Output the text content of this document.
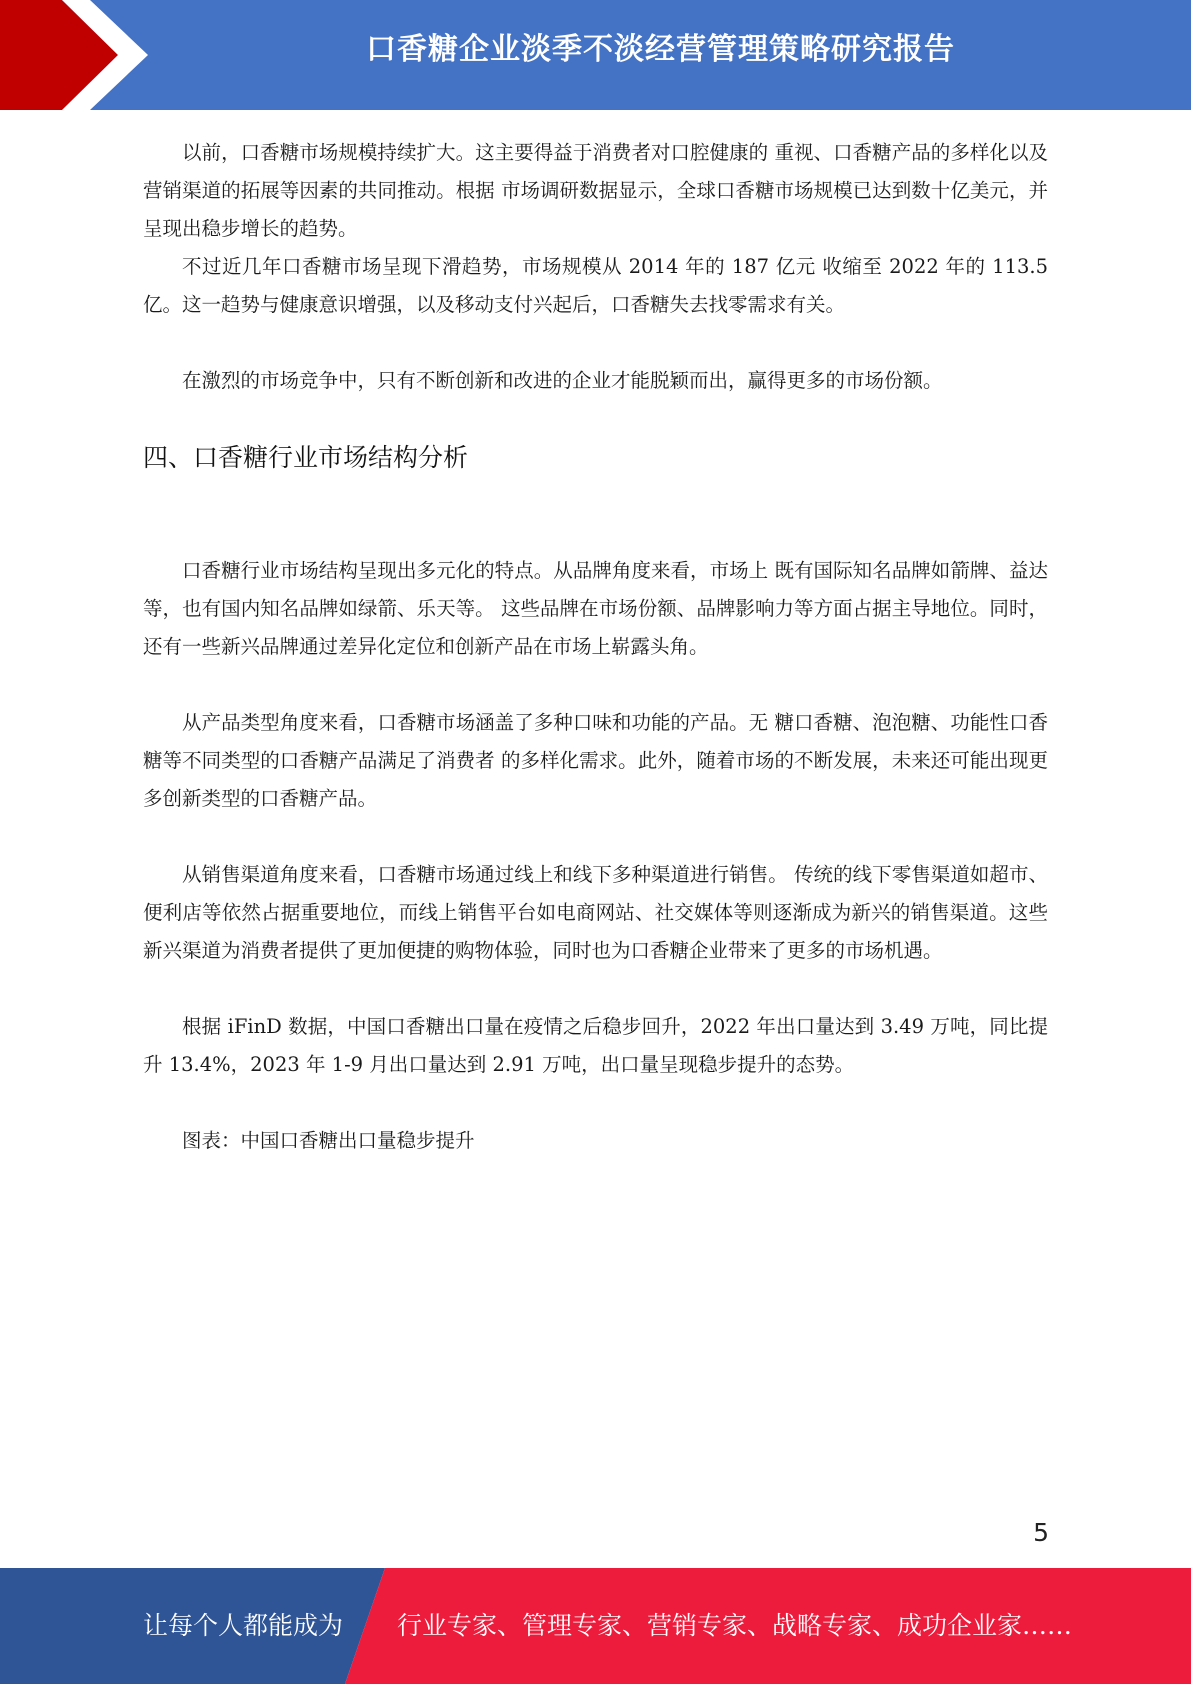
口香糖企业淡季不淡经营管理策略研究报告

以前，口香糖市场规模持续扩大。这主要得益于消费者对口腔健康的 重视、口香糖产品的多样化以及营销渠道的拓展等因素的共同推动。根据 市场调研数据显示，全球口香糖市场规模已达到数十亿美元，并呈现出稳步增长的趋势。

不过近几年口香糖市场呈现下滑趋势，市场规模从 2014 年的 187 亿元 收缩至 2022 年的 113.5 亿。这一趋势与健康意识增强，以及移动支付兴起后，口香糖失去找零需求有关。

在激烈的市场竞争中，只有不断创新和改进的企业才能脱颖而出，赢得更多的市场份额。

四、口香糖行业市场结构分析

口香糖行业市场结构呈现出多元化的特点。从品牌角度来看，市场上 既有国际知名品牌如箭牌、益达等，也有国内知名品牌如绿箭、乐天等。 这些品牌在市场份额、品牌影响力等方面占据主导地位。同时，还有一些新兴品牌通过差异化定位和创新产品在市场上崭露头角。

从产品类型角度来看，口香糖市场涵盖了多种口味和功能的产品。无 糖口香糖、泡泡糖、功能性口香糖等不同类型的口香糖产品满足了消费者 的多样化需求。此外，随着市场的不断发展，未来还可能出现更多创新类型的口香糖产品。

从销售渠道角度来看，口香糖市场通过线上和线下多种渠道进行销售。 传统的线下零售渠道如超市、便利店等依然占据重要地位，而线上销售平台如电商网站、社交媒体等则逐渐成为新兴的销售渠道。这些新兴渠道为消费者提供了更加便捷的购物体验，同时也为口香糖企业带来了更多的市场机遇。

根据 iFinD 数据，中国口香糖出口量在疫情之后稳步回升，2022 年出口量达到 3.49 万吨，同比提升 13.4%，2023 年 1-9 月出口量达到 2.91 万吨，出口量呈现稳步提升的态势。

图表：中国口香糖出口量稳步提升

5
让每个人都能成为 行业专家、管理专家、营销专家、战略专家、成功企业家……
